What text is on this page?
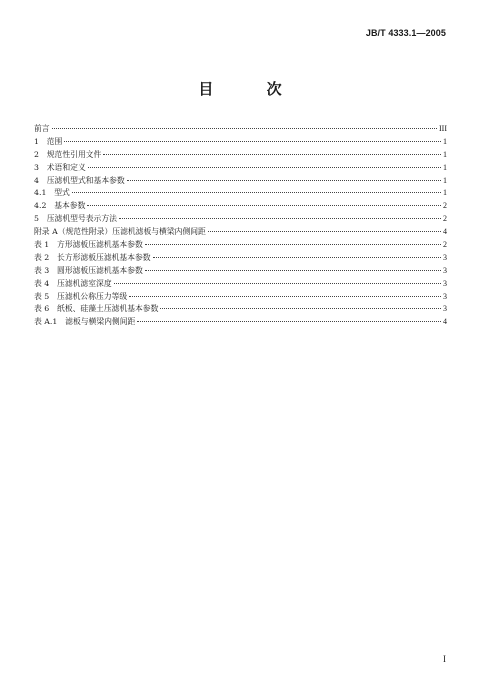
JB/T 4333.1—2005
目 次
前言	III
1　范围	1
2　规范性引用文件	1
3　术语和定义	1
4　压滤机型式和基本参数	1
4.1　型式	1
4.2　基本参数	2
5　压滤机型号表示方法	2
附录 A（规范性附录）压滤机滤板与横梁内侧间距	4
表 1　方形滤板压滤机基本参数	2
表 2　长方形滤板压滤机基本参数	3
表 3　圆形滤板压滤机基本参数	3
表 4　压滤机滤室深度	3
表 5　压滤机公称压力等级	3
表 6　纸板、硅藻土压滤机基本参数	3
表 A.1　滤板与横梁内侧间距	4
I
